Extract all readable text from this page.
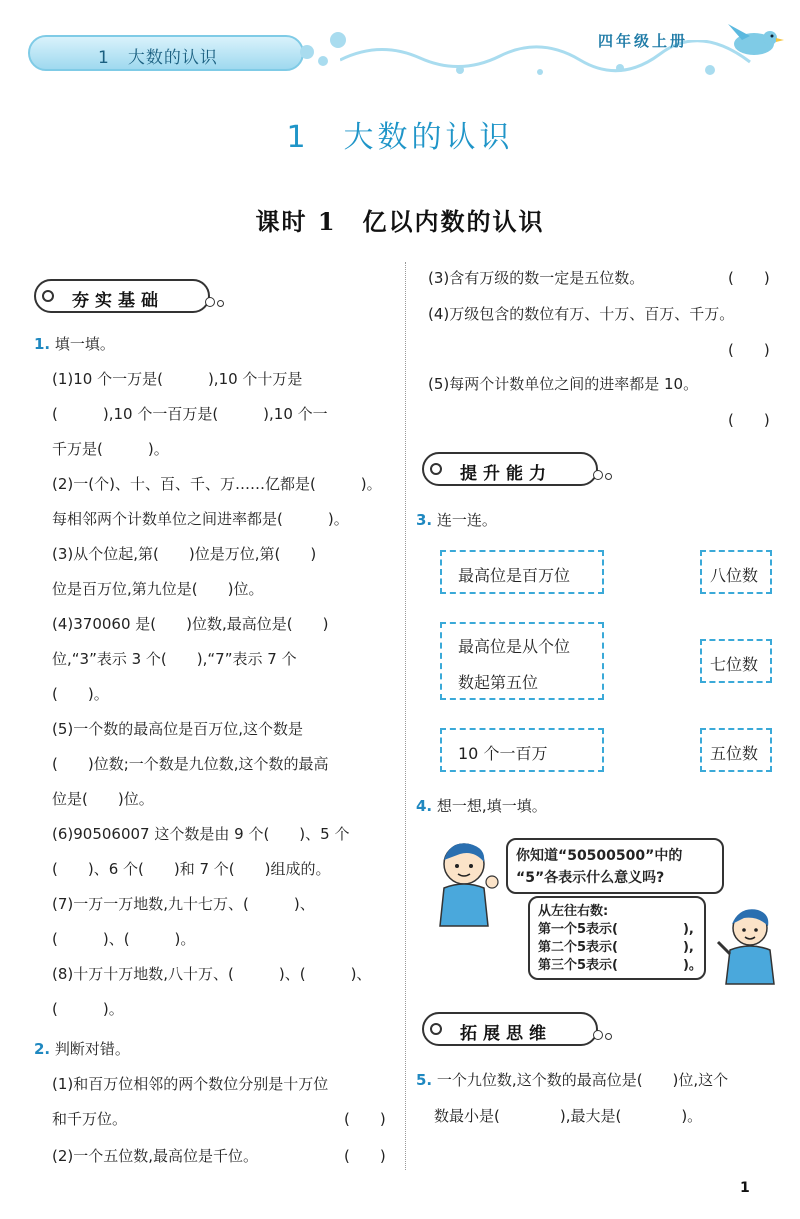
1　大数的认识
四年级上册
1　大数的认识
课时 1　亿以内数的认识
夯实基础
1. 填一填。
(1)10 个一万是(　　　),10 个十万是
(　　　),10 个一百万是(　　　),10 个一
千万是(　　　)。
(2)一(个)、十、百、千、万……亿都是(　　　)。
每相邻两个计数单位之间进率都是(　　　)。
(3)从个位起,第(　　)位是万位,第(　　)
位是百万位,第九位是(　　)位。
(4)370060 是(　　)位数,最高位是(　　)
位,“3”表示 3 个(　　),“7”表示 7 个
(　　)。
(5)一个数的最高位是百万位,这个数是
(　　)位数;一个数是九位数,这个数的最高
位是(　　)位。
(6)90506007 这个数是由 9 个(　　)、5 个
(　　)、6 个(　　)和 7 个(　　)组成的。
(7)一万一万地数,九十七万、(　　　)、
(　　　)、(　　　)。
(8)十万十万地数,八十万、(　　　)、(　　　)、
(　　　)。
2. 判断对错。
(1)和百万位相邻的两个数位分别是十万位
和千万位。	(　　)
(2)一个五位数,最高位是千位。	(　　)
(3)含有万级的数一定是五位数。	(　　)
(4)万级包含的数位有万、十万、百万、千万。
(　　)
(5)每两个计数单位之间的进率都是 10。
(　　)
提升能力
3. 连一连。
最高位是百万位
最高位是从个位
数起第五位
10 个一百万
八位数
七位数
五位数
4. 想一想,填一填。
你知道“50500500”中的
“5”各表示什么意义吗?
从左往右数:
第一个5表示(　　　　　),
第二个5表示(　　　　　),
第三个5表示(　　　　　)。
拓展思维
5. 一个九位数,这个数的最高位是(　　)位,这个
数最小是(　　　　),最大是(　　　　)。
1
